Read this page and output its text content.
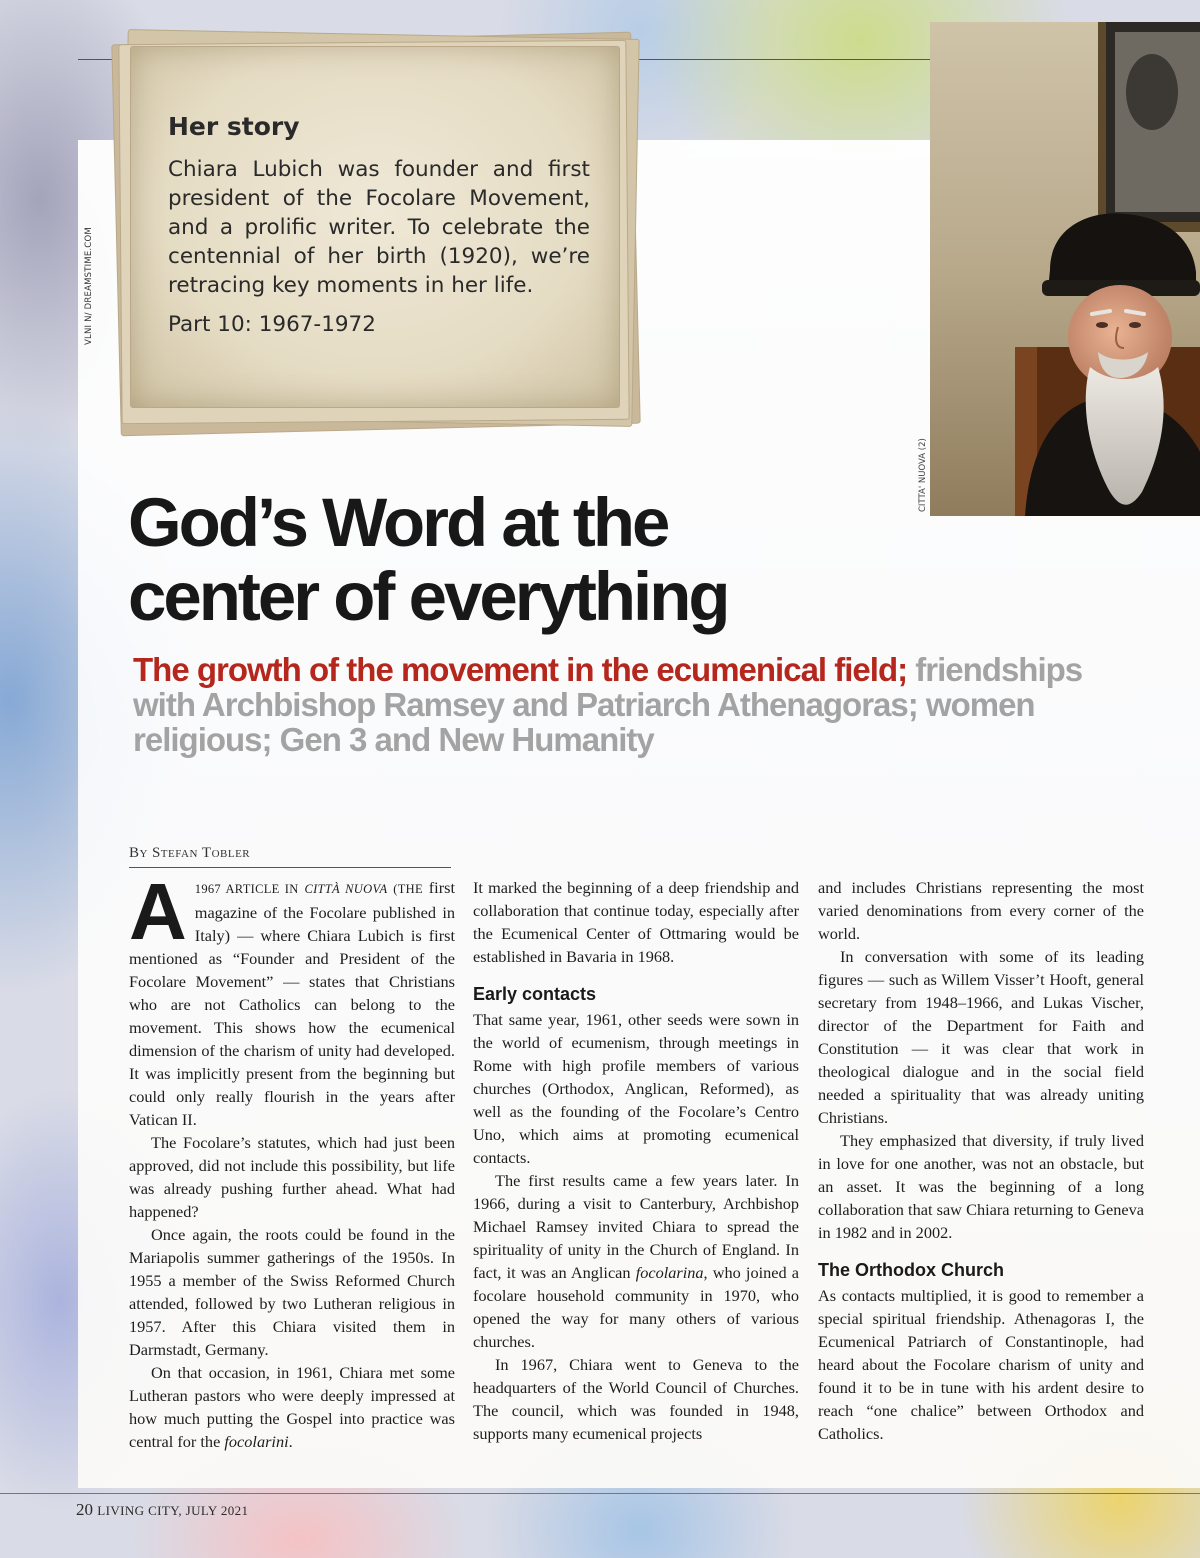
Her story
Chiara Lubich was founder and first president of the Focolare Movement, and a prolific writer. To celebrate the centennial of her birth (1920), we’re retracing key moments in her life.
Part 10: 1967-1972
VLNI N/ DREAMSTIME.COM
CITTA' NUOVA (2)
God’s Word at the
center of everything
The growth of the movement in the ecumenical field; friendships with Archbishop Ramsey and Patriarch Athenagoras; women religious; Gen 3 and New Humanity
By Stefan Tobler

A 1967 ARTICLE IN CITTÀ NUOVA (THE first magazine of the Focolare published in Italy) — where Chiara Lubich is first mentioned as “Founder and President of the Focolare Movement” — states that Christians who are not Catholics can belong to the movement. This shows how the ecumenical dimension of the charism of unity had developed. It was implicitly present from the beginning but could only really flourish in the years after Vatican II.

The Focolare’s statutes, which had just been approved, did not include this possibility, but life was already pushing further ahead. What had happened?

Once again, the roots could be found in the Mariapolis summer gatherings of the 1950s. In 1955 a member of the Swiss Reformed Church attended, followed by two Lutheran religious in 1957. After this Chiara visited them in Darmstadt, Germany.

On that occasion, in 1961, Chiara met some Lutheran pastors who were deeply impressed at how much putting the Gospel into practice was central for the focolarini.

It marked the beginning of a deep friendship and collaboration that continue today, especially after the Ecumenical Center of Ottmaring would be established in Bavaria in 1968.

Early contacts

That same year, 1961, other seeds were sown in the world of ecumenism, through meetings in Rome with high profile members of various churches (Orthodox, Anglican, Reformed), as well as the founding of the Focolare’s Centro Uno, which aims at promoting ecumenical contacts.

The first results came a few years later. In 1966, during a visit to Canterbury, Archbishop Michael Ramsey invited Chiara to spread the spirituality of unity in the Church of England. In fact, it was an Anglican focolarina, who joined a focolare household community in 1970, who opened the way for many others of various churches.

In 1967, Chiara went to Geneva to the headquarters of the World Council of Churches. The council, which was founded in 1948, supports many ecumenical projects

and includes Christians representing the most varied denominations from every corner of the world.

In conversation with some of its leading figures — such as Willem Visser’t Hooft, general secretary from 1948–1966, and Lukas Vischer, director of the Department for Faith and Constitution — it was clear that work in theological dialogue and in the social field needed a spirituality that was already uniting Christians.

They emphasized that diversity, if truly lived in love for one another, was not an obstacle, but an asset. It was the beginning of a long collaboration that saw Chiara returning to Geneva in 1982 and in 2002.

The Orthodox Church

As contacts multiplied, it is good to remember a special spiritual friendship. Athenagoras I, the Ecumenical Patriarch of Constantinople, had heard about the Focolare charism of unity and found it to be in tune with his ardent desire to reach “one chalice” between Orthodox and Catholics.

20 LIVING CITY, JULY 2021
